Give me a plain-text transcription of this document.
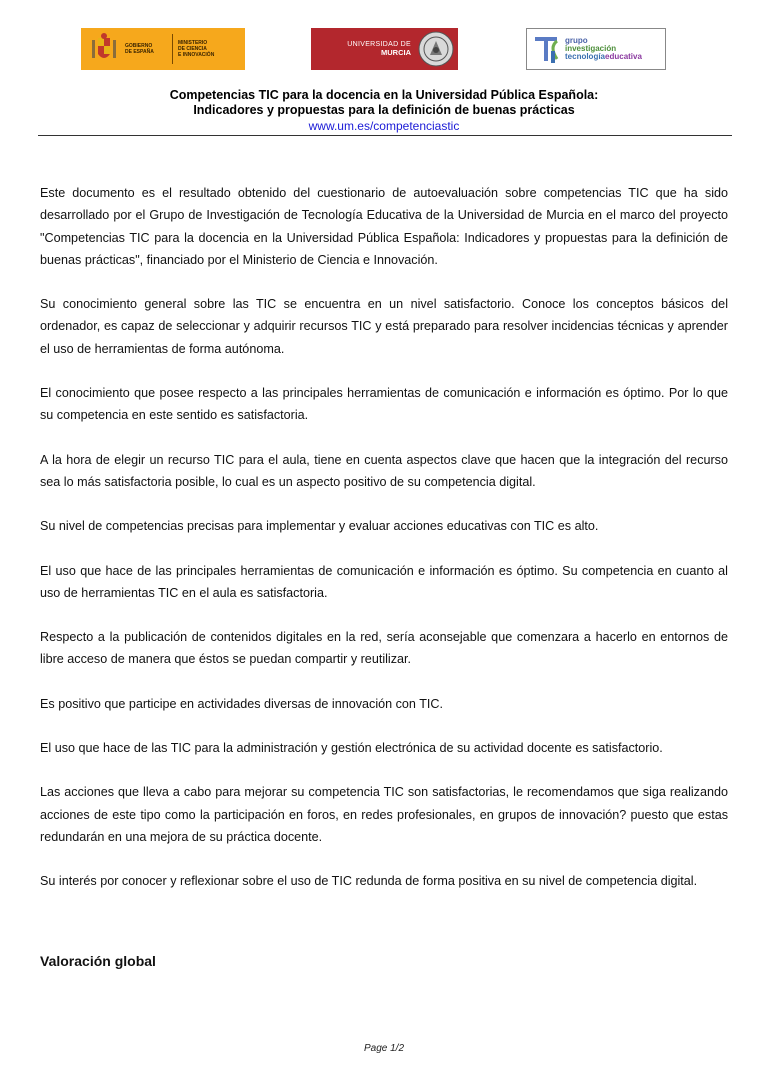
GOBIERNO
DE ESPAÑA
MINISTERIO
DE CIENCIA
E INNOVACIÓN
UNIVERSIDAD DE
MURCIA
grupo
investigación
tecnologíaeducativa
Competencias TIC para la docencia en la Universidad Pública Española:
Indicadores y propuestas para la definición de buenas prácticas
www.um.es/competenciastic

Este documento es el resultado obtenido del cuestionario de autoevaluación sobre competencias TIC que ha sido desarrollado por el Grupo de Investigación de Tecnología Educativa de la Universidad de Murcia en el marco del proyecto "Competencias TIC para la docencia en la Universidad Pública Española: Indicadores y propuestas para la definición de buenas prácticas", financiado por el Ministerio de Ciencia e Innovación.

Su conocimiento general sobre las TIC se encuentra en un nivel satisfactorio. Conoce los conceptos básicos del ordenador, es capaz de seleccionar y adquirir recursos TIC y está preparado para resolver incidencias técnicas y aprender el uso de herramientas de forma autónoma.

El conocimiento que posee respecto a las principales herramientas de comunicación e información es óptimo. Por lo que su competencia en este sentido es satisfactoria.

A la hora de elegir un recurso TIC para el aula, tiene en cuenta aspectos clave que hacen que la integración del recurso sea lo más satisfactoria posible, lo cual es un aspecto positivo de su competencia digital.

Su nivel de competencias precisas para implementar y evaluar acciones educativas con TIC es alto.

El uso que hace de las principales herramientas de comunicación e información es óptimo. Su competencia en cuanto al uso de herramientas TIC en el aula es satisfactoria.

Respecto a la publicación de contenidos digitales en la red, sería aconsejable que comenzara a hacerlo en entornos de libre acceso de manera que éstos se puedan compartir y reutilizar.

Es positivo que participe en actividades diversas de innovación con TIC.

El uso que hace de las TIC para la administración y gestión electrónica de su actividad docente es satisfactorio.

Las acciones que lleva a cabo para mejorar su competencia TIC son satisfactorias, le recomendamos que siga realizando acciones de este tipo como la participación en foros, en redes profesionales, en grupos de innovación? puesto que estas redundarán en una mejora de su práctica docente.

Su interés por conocer y reflexionar sobre el uso de TIC redunda de forma positiva en su nivel de competencia digital.

Valoración global
Page 1/2
